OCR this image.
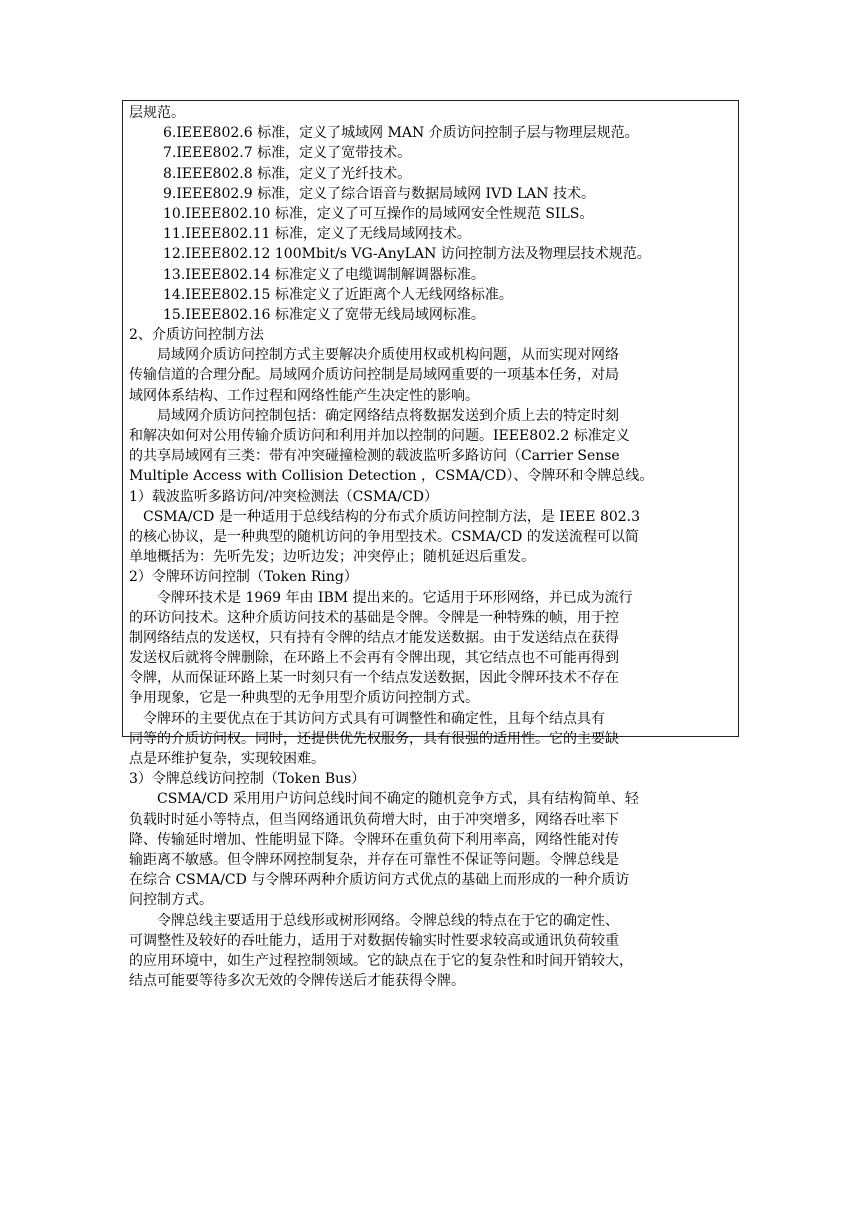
层规范。
6.IEEE802.6 标准，定义了城域网 MAN 介质访问控制子层与物理层规范。
7.IEEE802.7 标准，定义了宽带技术。
8.IEEE802.8 标准，定义了光纤技术。
9.IEEE802.9 标准，定义了综合语音与数据局域网 IVD LAN 技术。
10.IEEE802.10 标准，定义了可互操作的局域网安全性规范 SILS。
11.IEEE802.11 标准，定义了无线局域网技术。
12.IEEE802.12 100Mbit/s VG-AnyLAN 访问控制方法及物理层技术规范。
13.IEEE802.14 标准定义了电缆调制解调器标准。
14.IEEE802.15 标准定义了近距离个人无线网络标准。
15.IEEE802.16 标准定义了宽带无线局域网标准。
2、介质访问控制方法
局域网介质访问控制方式主要解决介质使用权或机构问题，从而实现对网络
传输信道的合理分配。局域网介质访问控制是局域网重要的一项基本任务，对局
域网体系结构、工作过程和网络性能产生决定性的影响。
局域网介质访问控制包括：确定网络结点将数据发送到介质上去的特定时刻
和解决如何对公用传输介质访问和利用并加以控制的问题。IEEE802.2 标准定义
的共享局域网有三类：带有冲突碰撞检测的载波监听多路访问（Carrier Sense
Multiple Access with Collision Detection ，CSMA/CD）、令牌环和令牌总线。
1）载波监听多路访问/冲突检测法（CSMA/CD）
CSMA/CD 是一种适用于总线结构的分布式介质访问控制方法，是 IEEE 802.3
的核心协议，是一种典型的随机访问的争用型技术。CSMA/CD 的发送流程可以简
单地概括为：先听先发；边听边发；冲突停止；随机延迟后重发。
2）令牌环访问控制（Token Ring）
令牌环技术是 1969 年由 IBM 提出来的。它适用于环形网络，并已成为流行
的环访问技术。这种介质访问技术的基础是令牌。令牌是一种特殊的帧，用于控
制网络结点的发送权，只有持有令牌的结点才能发送数据。由于发送结点在获得
发送权后就将令牌删除，在环路上不会再有令牌出现，其它结点也不可能再得到
令牌，从而保证环路上某一时刻只有一个结点发送数据，因此令牌环技术不存在
争用现象，它是一种典型的无争用型介质访问控制方式。
令牌环的主要优点在于其访问方式具有可调整性和确定性，且每个结点具有
同等的介质访问权。同时，还提供优先权服务，具有很强的适用性。它的主要缺
点是环维护复杂，实现较困难。
3）令牌总线访问控制（Token Bus）
CSMA/CD 采用用户访问总线时间不确定的随机竞争方式，具有结构简单、轻
负载时时延小等特点，但当网络通讯负荷增大时，由于冲突增多，网络吞吐率下
降、传输延时增加、性能明显下降。令牌环在重负荷下利用率高，网络性能对传
输距离不敏感。但令牌环网控制复杂，并存在可靠性不保证等问题。令牌总线是
在综合 CSMA/CD 与令牌环两种介质访问方式优点的基础上而形成的一种介质访
问控制方式。
令牌总线主要适用于总线形或树形网络。令牌总线的特点在于它的确定性、
可调整性及较好的吞吐能力，适用于对数据传输实时性要求较高或通讯负荷较重
的应用环境中，如生产过程控制领域。它的缺点在于它的复杂性和时间开销较大，
结点可能要等待多次无效的令牌传送后才能获得令牌。
